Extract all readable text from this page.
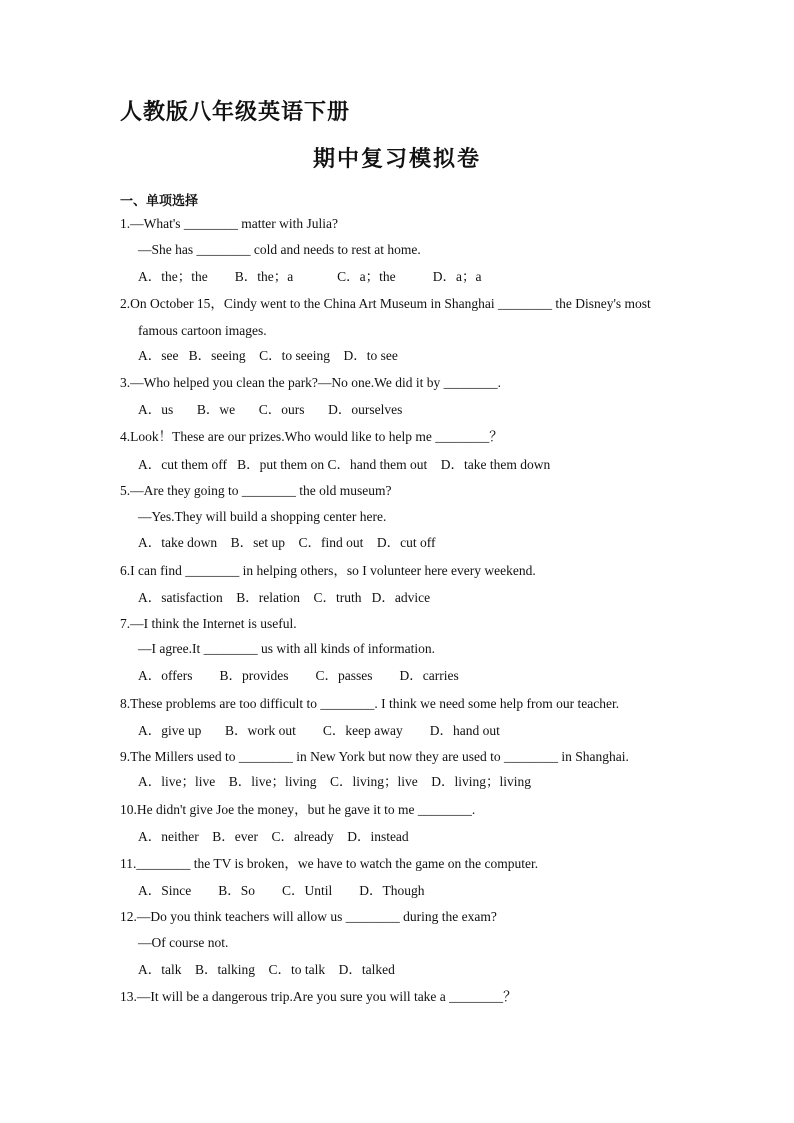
人教版八年级英语下册
期中复习模拟卷
一、单项选择
1.—What's ________ matter with Julia?
—She has ________ cold and needs to rest at home.
A．the；the        B．the；a             C．a；the           D．a；a
2.On October 15，Cindy went to the China Art Museum in Shanghai ________ the Disney's most
famous cartoon images.
A．see   B．seeing    C．to seeing    D．to see
3.—Who helped you clean the park?—No one.We did it by ________.
A．us       B．we       C．ours       D．ourselves
4.Look！These are our prizes.Who would like to help me ________？
A．cut them off   B．put them on C．hand them out    D．take them down
5.—Are they going to ________ the old museum?
—Yes.They will build a shopping center here.
A．take down    B．set up    C．find out    D．cut off
6.I can find ________ in helping others，so I volunteer here every weekend.
A．satisfaction    B．relation    C．truth   D．advice
7.—I think the Internet is useful.
—I agree.It ________ us with all kinds of information.
A．offers        B．provides        C．passes        D．carries
8.These problems are too difficult to ________. I think we need some help from our teacher.
A．give up       B．work out        C．keep away        D．hand out
9.The Millers used to ________ in New York but now they are used to ________ in Shanghai.
A．live；live    B．live；living    C．living；live    D．living；living
10.He didn't give Joe the money，but he gave it to me ________.
A．neither    B．ever    C．already    D．instead
11.________ the TV is broken，we have to watch the game on the computer.
A．Since        B．So        C．Until        D．Though
12.—Do you think teachers will allow us ________ during the exam?
—Of course not.
A．talk    B．talking    C．to talk    D．talked
13.—It will be a dangerous trip.Are you sure you will take a ________？
